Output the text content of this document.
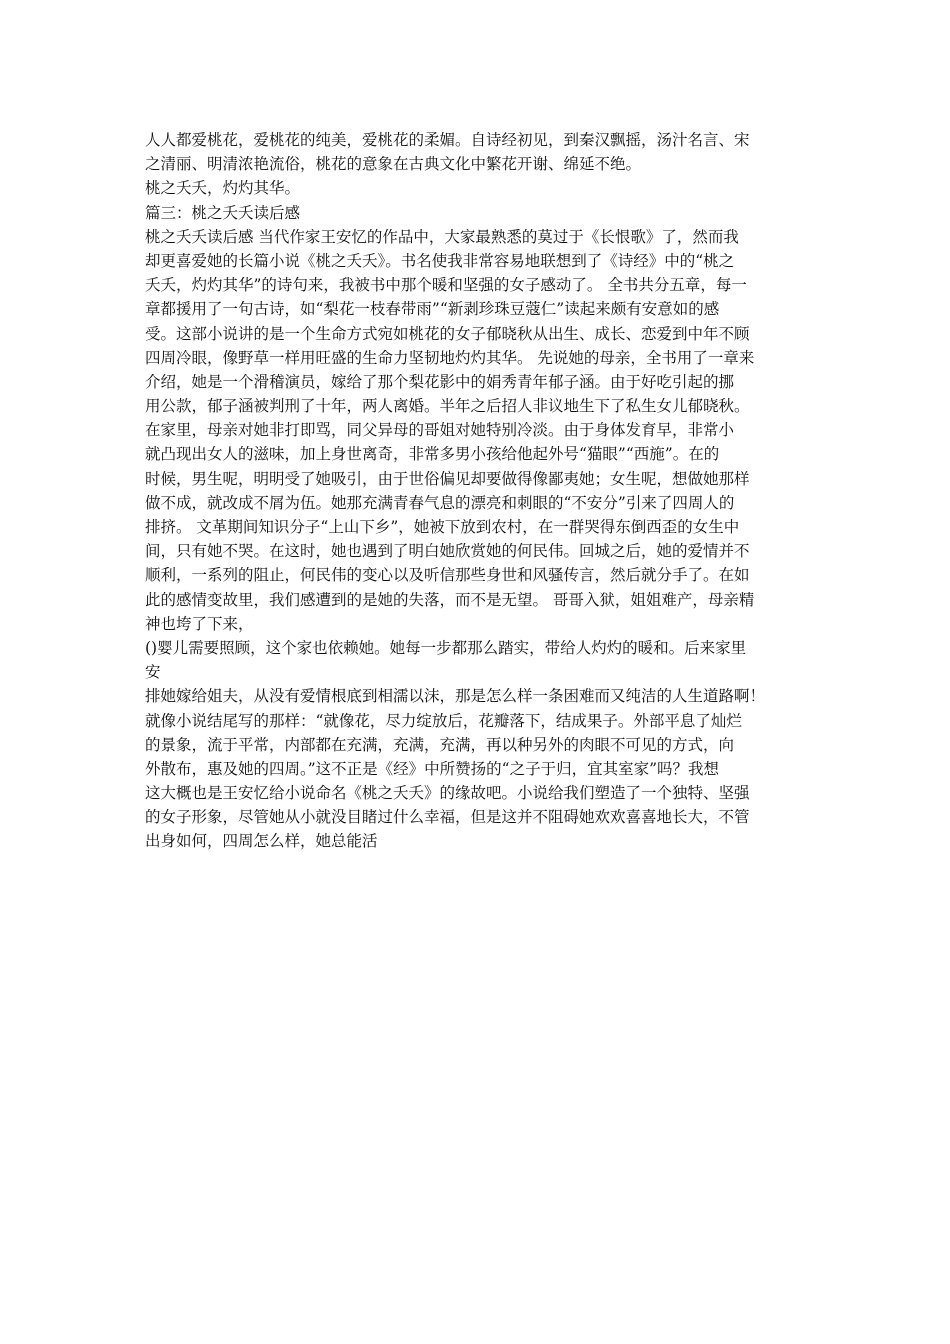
人人都爱桃花，爱桃花的纯美，爱桃花的柔媚。自诗经初见，到秦汉飘摇，汤汁名言、宋
之清丽、明清浓艳流俗，桃花的意象在古典文化中繁花开谢、绵延不绝。
桃之夭夭，灼灼其华。
篇三：桃之夭夭读后感
桃之夭夭读后感 当代作家王安忆的作品中，大家最熟悉的莫过于《长恨歌》了，然而我
却更喜爱她的长篇小说《桃之夭夭》。书名使我非常容易地联想到了《诗经》中的“桃之
夭夭，灼灼其华”的诗句来，我被书中那个暖和坚强的女子感动了。 全书共分五章，每一
章都援用了一句古诗，如“梨花一枝春带雨”“新剥珍珠豆蔻仁”读起来颇有安意如的感
受。这部小说讲的是一个生命方式宛如桃花的女子郁晓秋从出生、成长、恋爱到中年不顾
四周冷眼，像野草一样用旺盛的生命力坚韧地灼灼其华。 先说她的母亲，全书用了一章来
介绍，她是一个滑稽演员，嫁给了那个梨花影中的娟秀青年郁子涵。由于好吃引起的挪
用公款，郁子涵被判刑了十年，两人离婚。半年之后招人非议地生下了私生女儿郁晓秋。
在家里，母亲对她非打即骂，同父异母的哥姐对她特别冷淡。由于身体发育早，非常小
就凸现出女人的滋味，加上身世离奇，非常多男小孩给他起外号“猫眼”“西施”。在的
时候，男生呢，明明受了她吸引，由于世俗偏见却要做得像鄙夷她；女生呢，想做她那样
做不成，就改成不屑为伍。她那充满青春气息的漂亮和刺眼的“不安分”引来了四周人的
排挤。 文革期间知识分子“上山下乡”，她被下放到农村，在一群哭得东倒西歪的女生中
间，只有她不哭。在这时，她也遇到了明白她欣赏她的何民伟。回城之后，她的爱情并不
顺利，一系列的阻止，何民伟的变心以及听信那些身世和风骚传言，然后就分手了。在如
此的感情变故里，我们感遭到的是她的失落，而不是无望。 哥哥入狱，姐姐难产，母亲精
神也垮了下来，
()婴儿需要照顾，这个家也依赖她。她每一步都那么踏实，带给人灼灼的暖和。后来家里
安
排她嫁给姐夫，从没有爱情根底到相濡以沫，那是怎么样一条困难而又纯洁的人生道路啊！
就像小说结尾写的那样：“就像花，尽力绽放后，花瓣落下，结成果子。外部平息了灿烂
的景象，流于平常，内部都在充满，充满，充满，再以种另外的肉眼不可见的方式，向
外散布，惠及她的四周。”这不正是《经》中所赞扬的“之子于归，宜其室家”吗？我想
这大概也是王安忆给小说命名《桃之夭夭》的缘故吧。小说给我们塑造了一个独特、坚强
的女子形象，尽管她从小就没目睹过什么幸福，但是这并不阻碍她欢欢喜喜地长大，不管
出身如何，四周怎么样，她总能活
